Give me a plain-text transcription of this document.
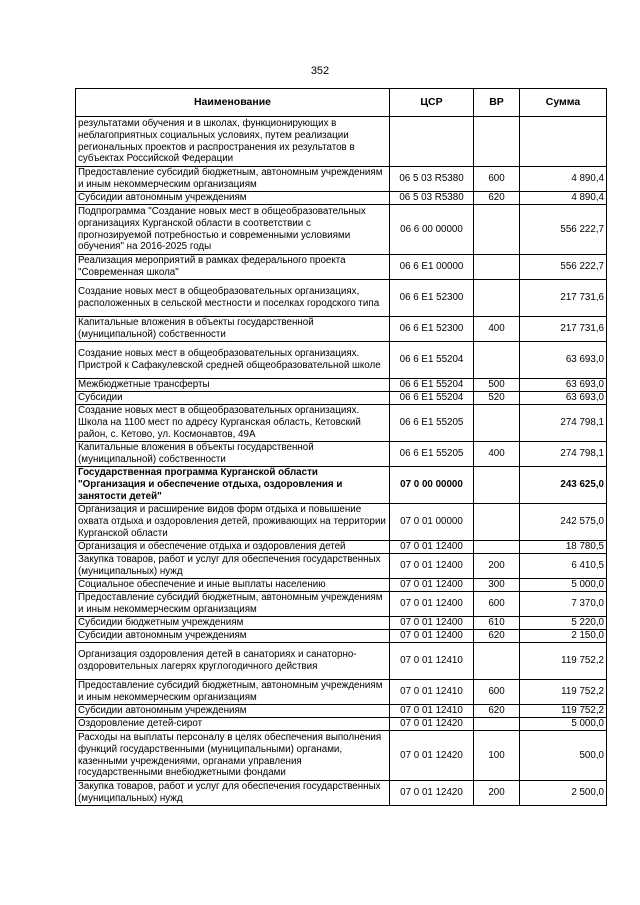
352
Наименование	ЦСР	ВР	Сумма
результатами обучения и в школах, функционирующих в неблагоприятных социальных условиях, путем реализации региональных проектов и распространения их результатов в субъектах Российской Федерации			
Предоставление субсидий бюджетным, автономным учреждениям и иным некоммерческим организациям	06 5 03 R5380	600	4 890,4
Субсидии автономным учреждениям	06 5 03 R5380	620	4 890,4
Подпрограмма "Создание новых мест в общеобразовательных организациях Курганской области в соответствии с прогнозируемой потребностью и современными условиями обучения" на 2016-2025 годы	06 6 00 00000		556 222,7
Реализация мероприятий в рамках федерального проекта "Современная школа"	06 6 E1 00000		556 222,7
Создание новых мест в общеобразовательных организациях, расположенных в сельской местности и поселках городского типа	06 6 E1 52300		217 731,6
Капитальные вложения в объекты государственной (муниципальной) собственности	06 6 E1 52300	400	217 731,6
Создание новых мест в общеобразовательных организациях. Пристрой к Сафакулевской средней общеобразовательной школе	06 6 E1 55204		63 693,0
Межбюджетные трансферты	06 6 E1 55204	500	63 693,0
Субсидии	06 6 E1 55204	520	63 693,0
Создание новых мест в общеобразовательных организациях. Школа на 1100 мест по адресу Курганская область, Кетовский район, с. Кетово, ул. Космонавтов, 49А	06 6 E1 55205		274 798,1
Капитальные вложения в объекты государственной (муниципальной) собственности	06 6 E1 55205	400	274 798,1
Государственная программа Курганской области "Организация и обеспечение отдыха, оздоровления и занятости детей"	07 0 00 00000		243 625,0
Организация и расширение видов форм отдыха и повышение охвата отдыха и оздоровления детей, проживающих на территории Курганской области	07 0 01 00000		242 575,0
Организация и обеспечение отдыха и оздоровления детей	07 0 01 12400		18 780,5
Закупка товаров, работ и услуг для обеспечения государственных (муниципальных) нужд	07 0 01 12400	200	6 410,5
Социальное обеспечение и иные выплаты населению	07 0 01 12400	300	5 000,0
Предоставление субсидий бюджетным, автономным учреждениям и иным некоммерческим организациям	07 0 01 12400	600	7 370,0
Субсидии бюджетным учреждениям	07 0 01 12400	610	5 220,0
Субсидии автономным учреждениям	07 0 01 12400	620	2 150,0
Организация оздоровления детей в санаториях и санаторно-оздоровительных лагерях круглогодичного действия	07 0 01 12410		119 752,2
Предоставление субсидий бюджетным, автономным учреждениям и иным некоммерческим организациям	07 0 01 12410	600	119 752,2
Субсидии автономным учреждениям	07 0 01 12410	620	119 752,2
Оздоровление детей-сирот	07 0 01 12420		5 000,0
Расходы на выплаты персоналу в целях обеспечения выполнения функций государственными (муниципальными) органами, казенными учреждениями, органами управления государственными внебюджетными фондами	07 0 01 12420	100	500,0
Закупка товаров, работ и услуг для обеспечения государственных (муниципальных) нужд	07 0 01 12420	200	2 500,0
